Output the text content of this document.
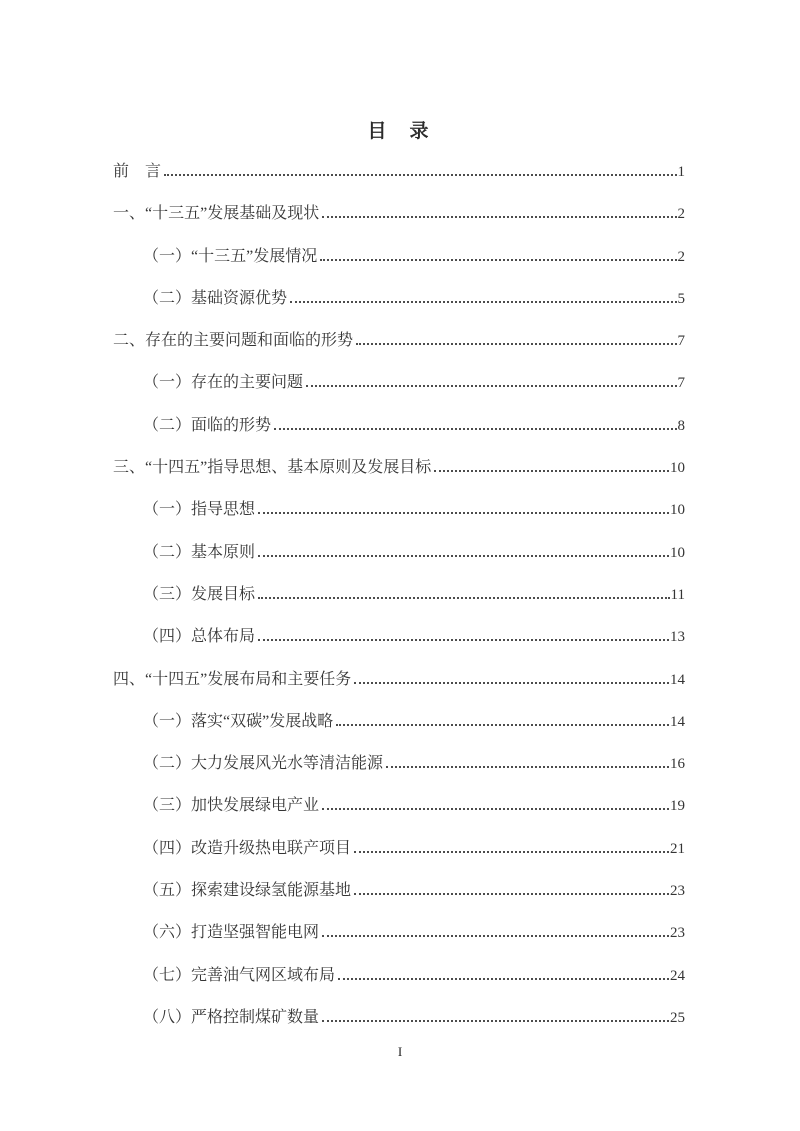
目　录
前　言	1
一、“十三五”发展基础及现状	2
（一）“十三五”发展情况	2
（二）基础资源优势	5
二、存在的主要问题和面临的形势	7
（一）存在的主要问题	7
（二）面临的形势	8
三、“十四五”指导思想、基本原则及发展目标	10
（一）指导思想	10
（二）基本原则	10
（三）发展目标	11
（四）总体布局	13
四、“十四五”发展布局和主要任务	14
（一）落实“双碳”发展战略	14
（二）大力发展风光水等清洁能源	16
（三）加快发展绿电产业	19
（四）改造升级热电联产项目	21
（五）探索建设绿氢能源基地	23
（六）打造坚强智能电网	23
（七）完善油气网区域布局	24
（八）严格控制煤矿数量	25
I
